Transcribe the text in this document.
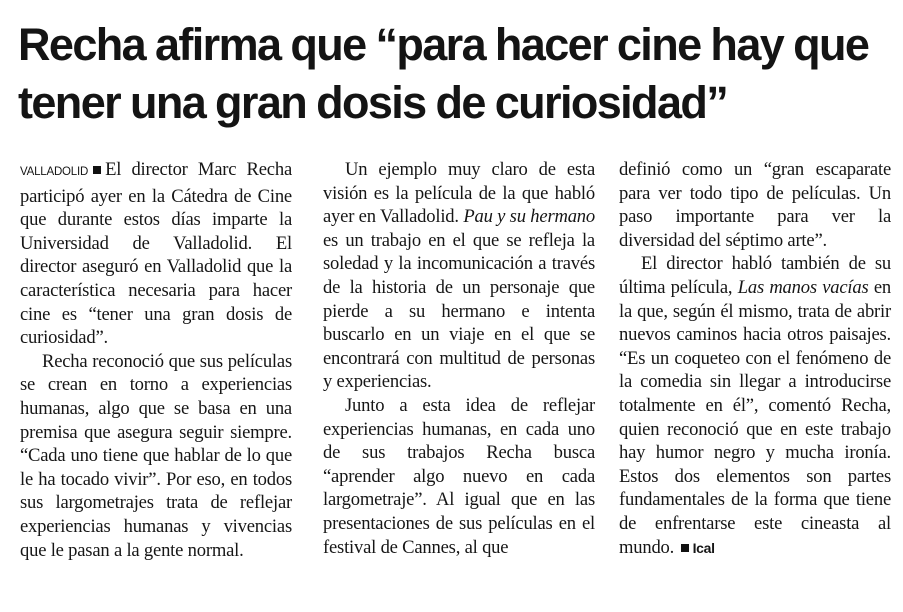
Recha afirma que “para hacer cine hay que tener una gran dosis de curiosidad”

VALLADOLID El director Marc Recha participó ayer en la Cátedra de Cine que durante estos días imparte la Universidad de Valladolid. El director aseguró en Valladolid que la característica necesaria para hacer cine es “tener una gran dosis de curiosidad”.

Recha reconoció que sus películas se crean en torno a experiencias humanas, algo que se basa en una premisa que asegura seguir siempre. “Cada uno tiene que hablar de lo que le ha tocado vivir”. Por eso, en todos sus largometrajes trata de reflejar experiencias humanas y vivencias que le pasan a la gente normal.

Un ejemplo muy claro de esta visión es la película de la que habló ayer en Valladolid. Pau y su hermano es un trabajo en el que se refleja la soledad y la incomunicación a través de la historia de un personaje que pierde a su hermano e intenta buscarlo en un viaje en el que se encontrará con multitud de personas y experiencias.

Junto a esta idea de reflejar experiencias humanas, en cada uno de sus trabajos Recha busca “aprender algo nuevo en cada largometraje”. Al igual que en las presentaciones de sus películas en el festival de Cannes, al que

definió como un “gran escaparate para ver todo tipo de películas. Un paso importante para ver la diversidad del séptimo arte”.

El director habló también de su última película, Las manos vacías en la que, según él mismo, trata de abrir nuevos caminos hacia otros paisajes. “Es un coqueteo con el fenómeno de la comedia sin llegar a introducirse totalmente en él”, comentó Recha, quien reconoció que en este trabajo hay humor negro y mucha ironía. Estos dos elementos son partes fundamentales de la forma que tiene de enfrentarse este cineasta al mundo. Ical
